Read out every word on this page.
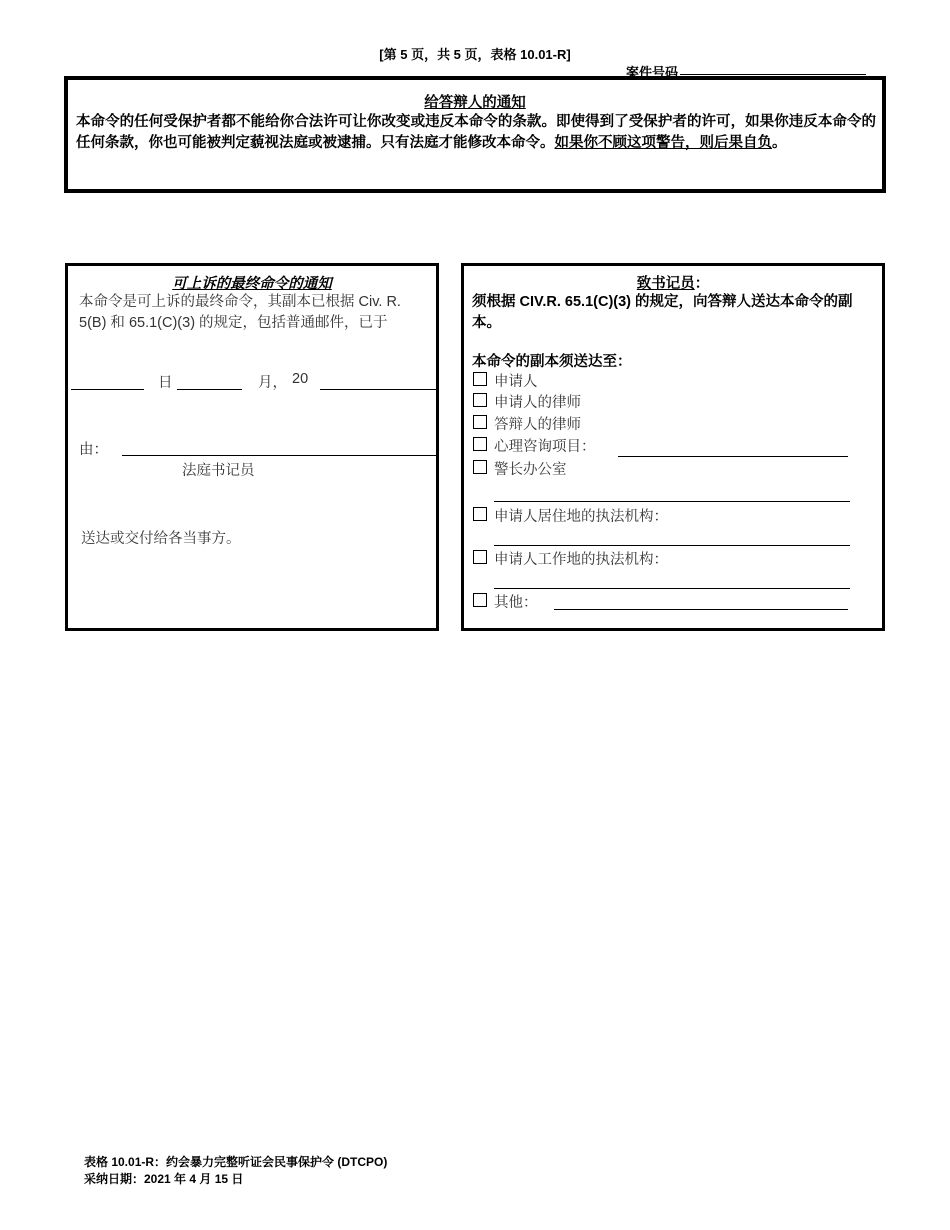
[第 5 页，共 5 页，表格 10.01-R]
案件号码
给答辩人的通知
本命令的任何受保护者都不能给你合法许可让你改变或违反本命令的条款。即使得到了受保护者的许可，如果你违反本命令的任何条款，你也可能被判定藐视法庭或被逮捕。只有法庭才能修改本命令。如果你不顾这项警告，则后果自负。
可上诉的最终命令的通知
本命令是可上诉的最终命令，其副本已根据 Civ. R. 5(B) 和 65.1(C)(3) 的规定，包括普通邮件，已于
日	月， 20
由：
法庭书记员
送达或交付给各当事方。
致书记员：
须根据 CIV.R. 65.1(C)(3) 的规定，向答辩人送达本命令的副本。
本命令的副本须送达至：
申请人
申请人的律师
答辩人的律师
心理咨询项目：
警长办公室
申请人居住地的执法机构：
申请人工作地的执法机构：
其他：
表格 10.01-R：约会暴力完整听证会民事保护令 (DTCPO)
采纳日期：2021 年 4 月 15 日
